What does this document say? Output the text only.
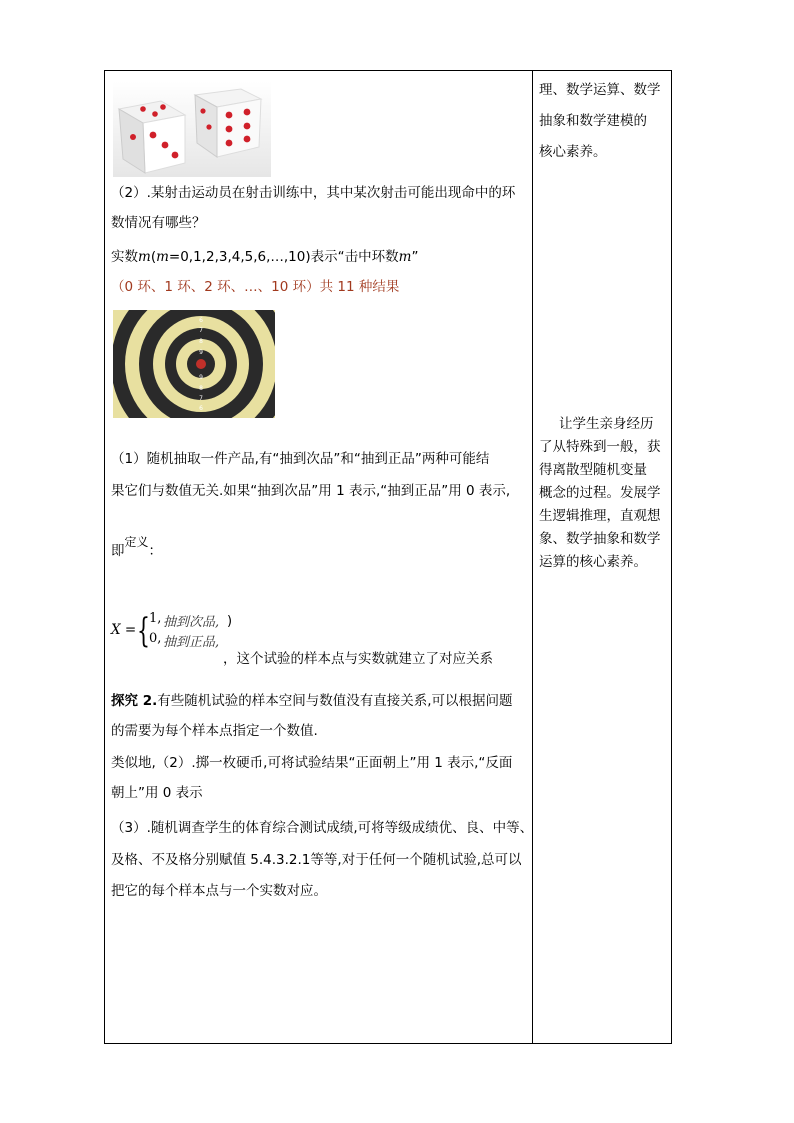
（2）.某射击运动员在射击训练中，其中某次射击可能出现命中的环
数情况有哪些？
实数m(m=0,1,2,3,4,5,6,…,10)表示“击中环数m”
（0 环、1 环、2 环、…、10 环）共 11 种结果
6
7
8
9
9
8
7
6
（1）随机抽取一件产品,有“抽到次品”和“抽到正品”两种可能结
果它们与数值无关.如果“抽到次品”用 1 表示,“抽到正品”用 0 表示,
即定义：
X = { 1, 抽到次品,
0, 抽到正品,
)
，这个试验的样本点与实数就建立了对应关系
探究 2.有些随机试验的样本空间与数值没有直接关系,可以根据问题
的需要为每个样本点指定一个数值.
类似地,（2）.掷一枚硬币,可将试验结果“正面朝上”用 1 表示,“反面
朝上”用 0 表示
（3）.随机调查学生的体育综合测试成绩,可将等级成绩优、良、中等、
及格、不及格分别赋值 5.4.3.2.1等等,对于任何一个随机试验,总可以
把它的每个样本点与一个实数对应。
理、数学运算、数学
抽象和数学建模的
核心素养。
让学生亲身经历
了从特殊到一般，获
得离散型随机变量
概念的过程。发展学
生逻辑推理，直观想
象、数学抽象和数学
运算的核心素养。
